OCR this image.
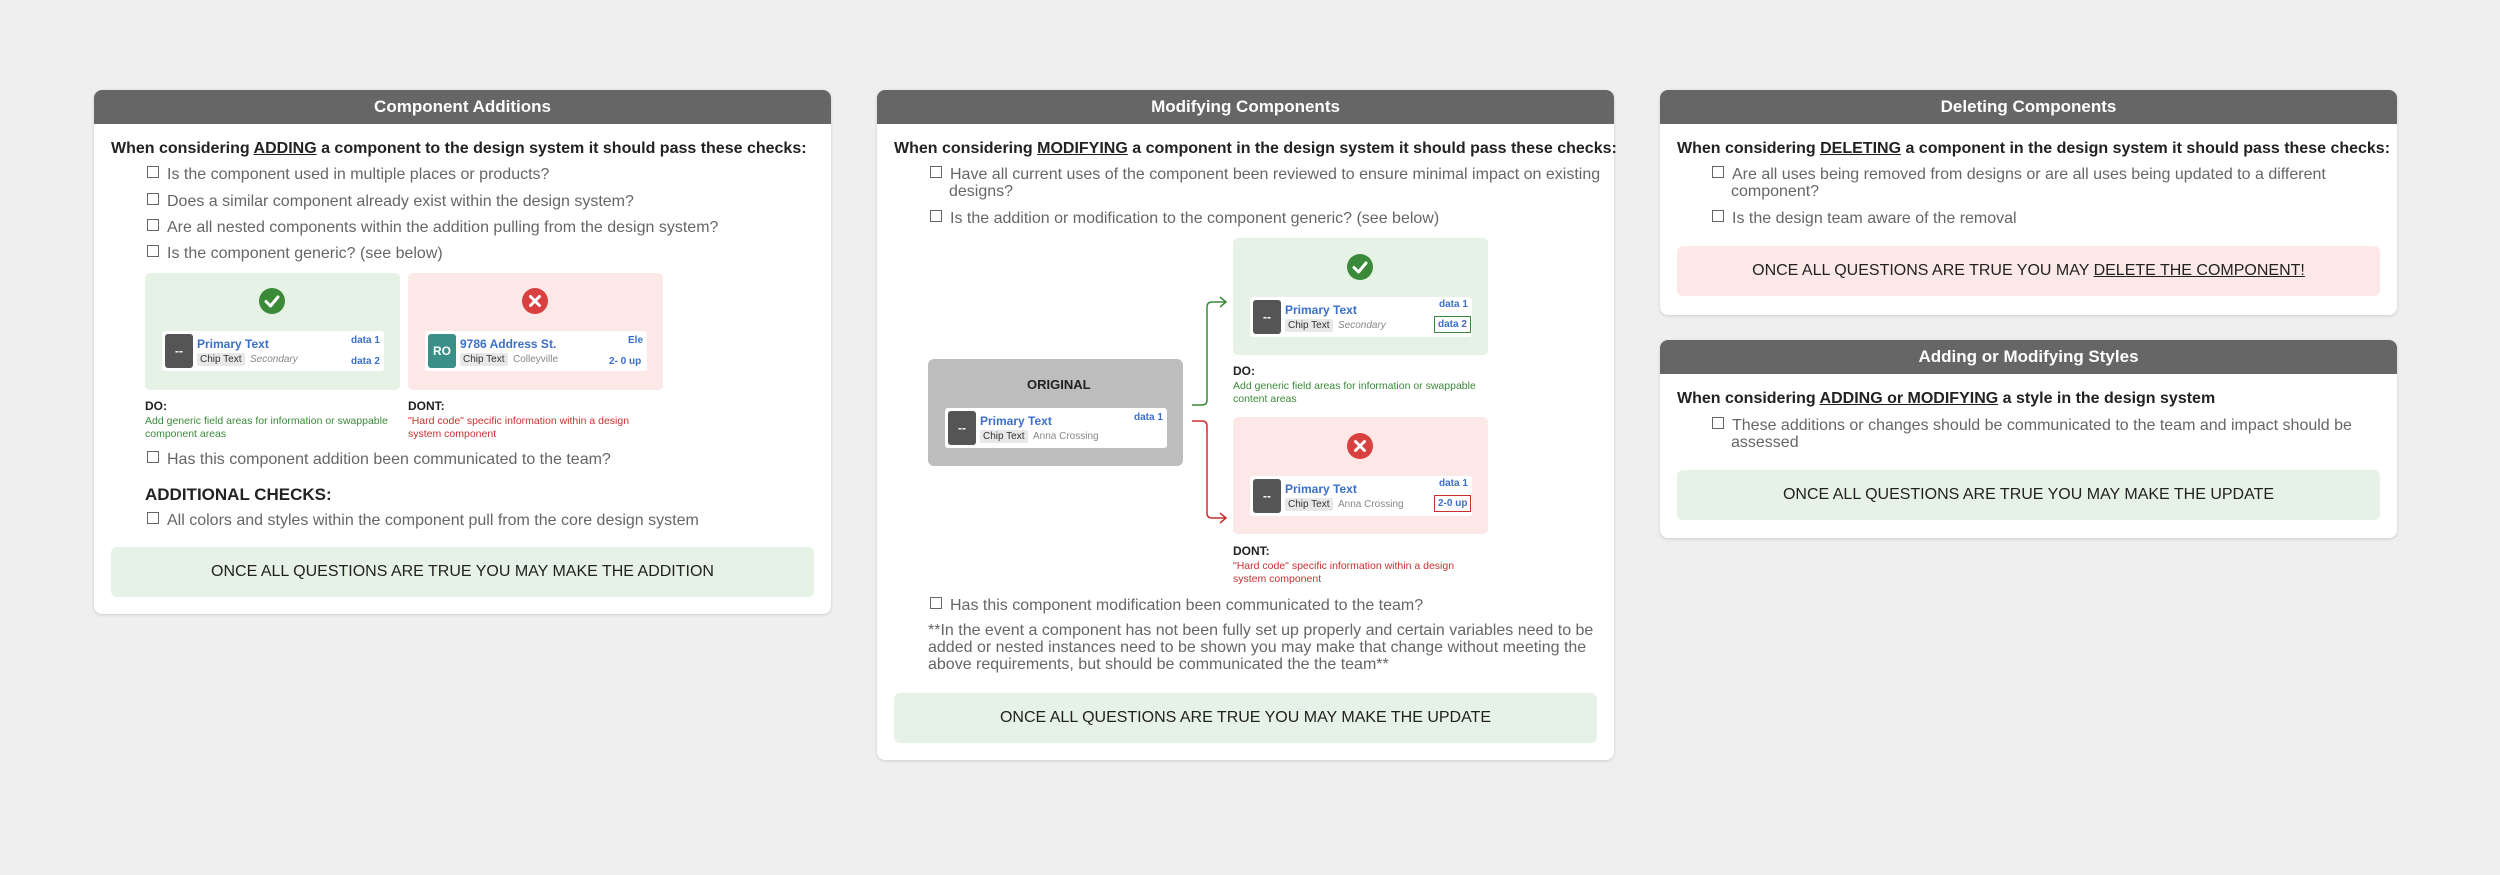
Component Additions
When considering ADDING a component to the design system it should pass these checks:
Is the component used in multiple places or products?
Does a similar component already exist within the design system?
Are all nested components within the addition pulling from the design system?
Is the component generic? (see below)
--	Primary Text
Chip Text Secondary
data 1
data 2
RO 9786 Address St.
Chip Text Colleyville
Ele
2- 0 up
DO:
Add generic field areas for information or swappable component areas
DONT:
"Hard code" specific information within a design system component
Has this component addition been communicated to the team?
ADDITIONAL CHECKS:
All colors and styles within the component pull from the core design system
ONCE ALL QUESTIONS ARE TRUE YOU MAY MAKE THE ADDITION
Modifying Components
When considering MODIFYING a component in the design system it should pass these checks:
Have all current uses of the component been reviewed to ensure minimal impact on existing designs?
Is the addition or modification to the component generic? (see below)
ORIGINAL
--	Primary Text
Chip Text Anna Crossing
data 1
--	Primary Text
Chip Text Secondary
data 1
data 2
DO:
Add generic field areas for information or swappable content areas
--	Primary Text
Chip Text Anna Crossing
data 1
2-0 up
DONT:
"Hard code" specific information within a design system component
Has this component modification been communicated to the team?
**In the event a component has not been fully set up properly and certain variables need to be added or nested instances need to be shown you may make that change without meeting the above requirements, but should be communicated the the team**
ONCE ALL QUESTIONS ARE TRUE YOU MAY MAKE THE UPDATE
Deleting Components
When considering DELETING a component in the design system it should pass these checks:
Are all uses being removed from designs or are all uses being updated to a different component?
Is the design team aware of the removal
ONCE ALL QUESTIONS ARE TRUE YOU MAY DELETE THE COMPONENT!
Adding or Modifying Styles
When considering ADDING or MODIFYING a style in the design system
These additions or changes should be communicated to the team and impact should be assessed
ONCE ALL QUESTIONS ARE TRUE YOU MAY MAKE THE UPDATE
